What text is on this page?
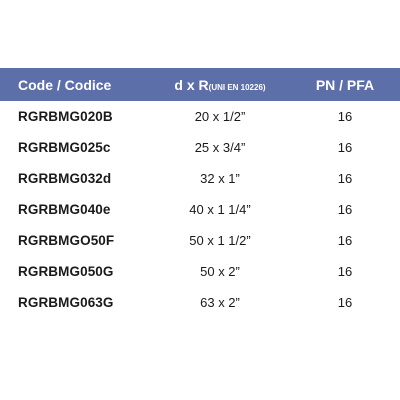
Code / Codice	d x R(UNI EN 10226)	PN / PFA
RGRBMG020B	20 x 1/2”	16
RGRBMG025c	25 x 3/4”	16
RGRBMG032d	32 x 1”	16
RGRBMG040e	40 x 1 1/4”	16
RGRBMGO50F	50 x 1 1/2”	16
RGRBMG050G	50 x 2”	16
RGRBMG063G	63 x 2”	16
